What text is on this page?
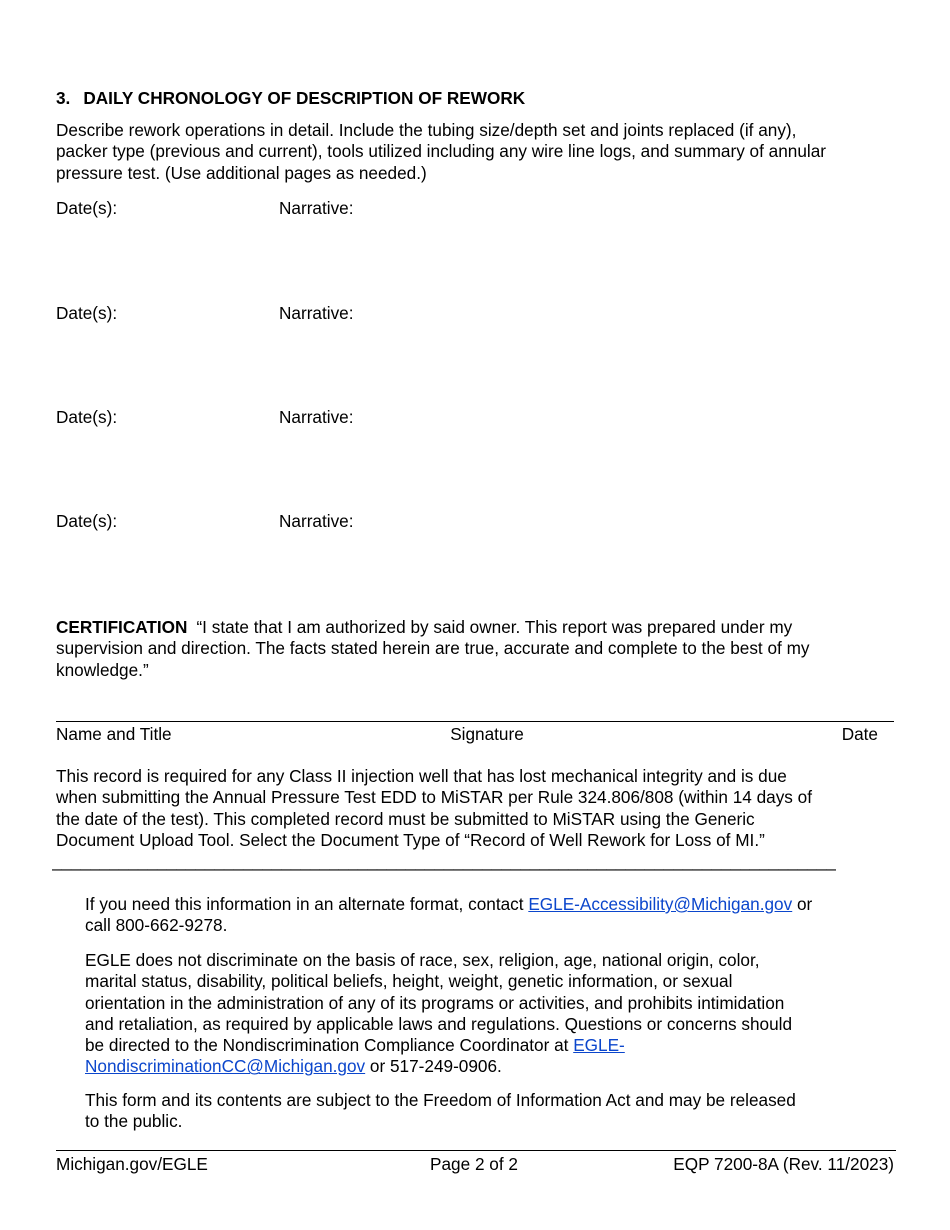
3. DAILY CHRONOLOGY OF DESCRIPTION OF REWORK
Describe rework operations in detail. Include the tubing size/depth set and joints replaced (if any),
packer type (previous and current), tools utilized including any wire line logs, and summary of annular
pressure test. (Use additional pages as needed.)
Date(s):	Narrative:
Date(s):	Narrative:
Date(s):	Narrative:
Date(s):	Narrative:
CERTIFICATION “I state that I am authorized by said owner. This report was prepared under my
supervision and direction. The facts stated herein are true, accurate and complete to the best of my
knowledge.”
Name and Title	Signature	Date
This record is required for any Class II injection well that has lost mechanical integrity and is due
when submitting the Annual Pressure Test EDD to MiSTAR per Rule 324.806/808 (within 14 days of
the date of the test). This completed record must be submitted to MiSTAR using the Generic
Document Upload Tool. Select the Document Type of “Record of Well Rework for Loss of MI.”
__________________________________________________________________________________
If you need this information in an alternate format, contact EGLE-Accessibility@Michigan.gov or
call 800-662-9278.
EGLE does not discriminate on the basis of race, sex, religion, age, national origin, color,
marital status, disability, political beliefs, height, weight, genetic information, or sexual
orientation in the administration of any of its programs or activities, and prohibits intimidation
and retaliation, as required by applicable laws and regulations. Questions or concerns should
be directed to the Nondiscrimination Compliance Coordinator at EGLE-
NondiscriminationCC@Michigan.gov or 517-249-0906.
This form and its contents are subject to the Freedom of Information Act and may be released
to the public.
Michigan.gov/EGLE	Page 2 of 2	EQP 7200-8A (Rev. 11/2023)
